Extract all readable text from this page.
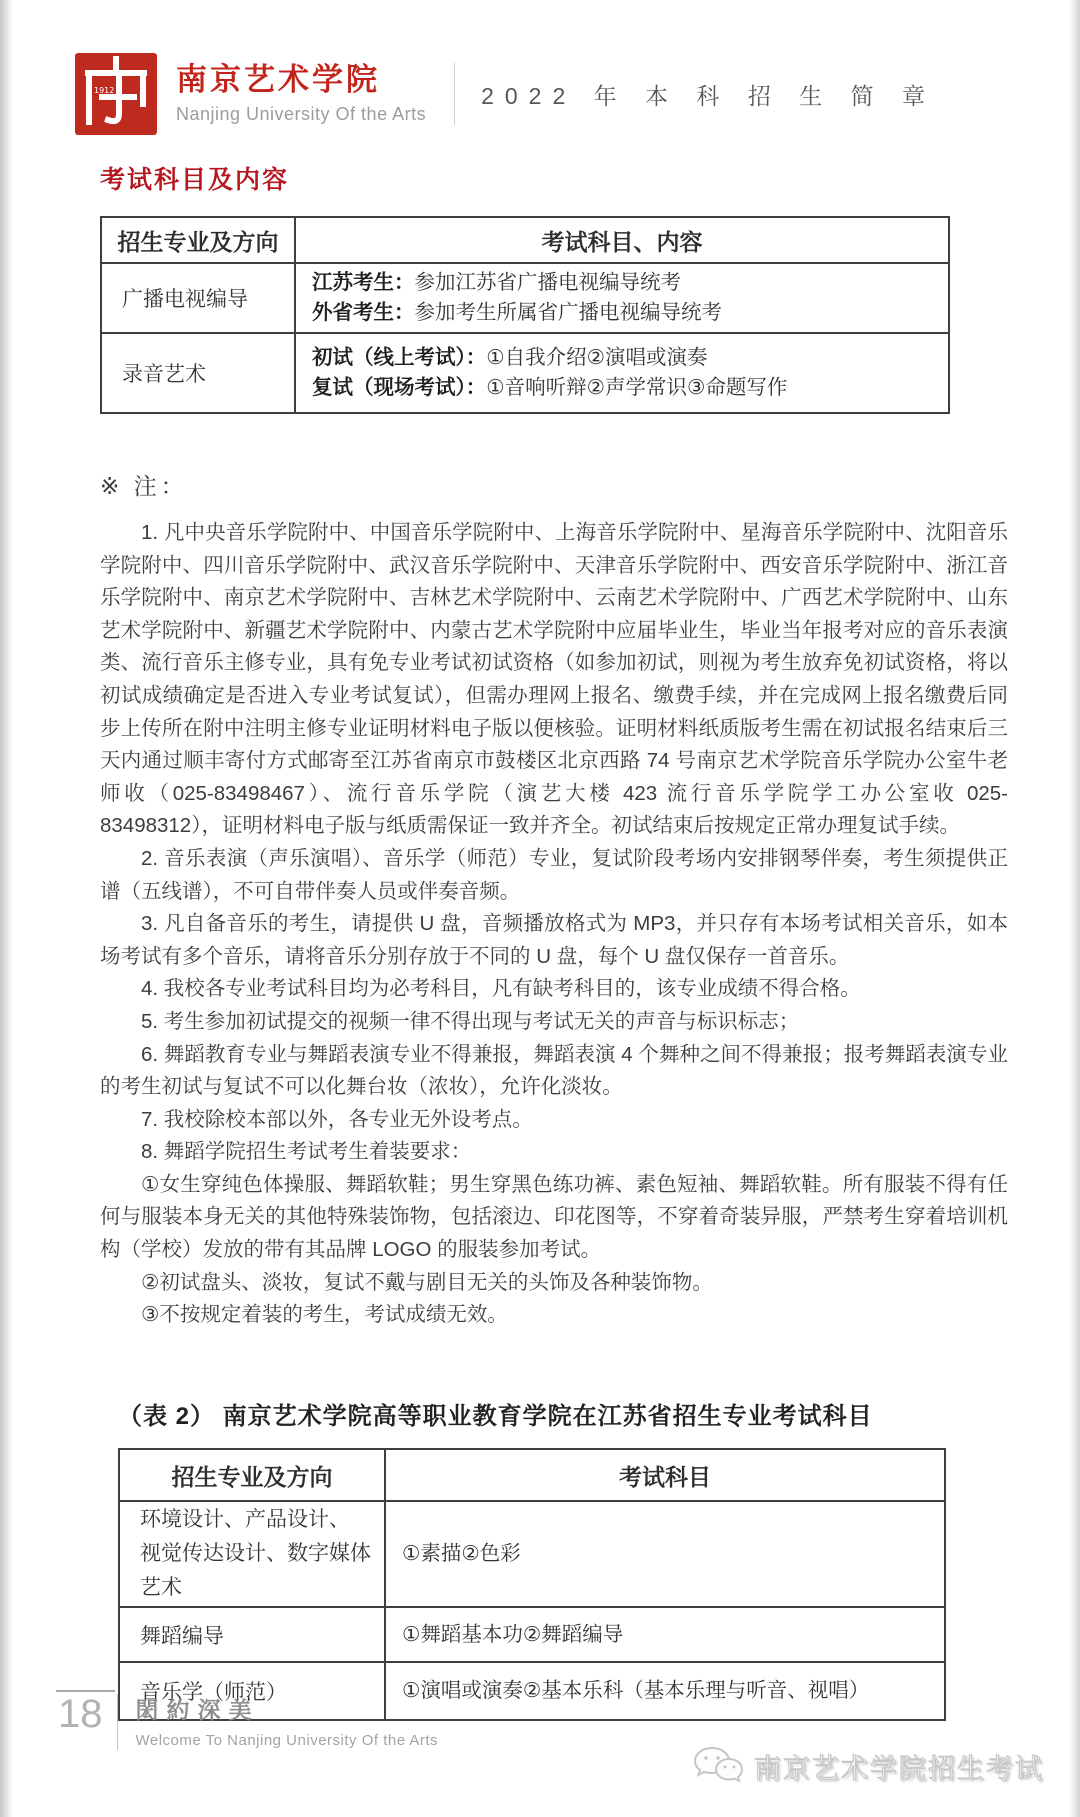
1912 南京艺术学院
Nanjing University Of the Arts
2022 年 本 科 招 生 简 章
考试科目及内容
招生专业及方向	考试科目、内容
广播电视编导	江苏考生：参加江苏省广播电视编导统考
外省考生：参加考生所属省广播电视编导统考

录音艺术	初试（线上考试）：①自我介绍②演唱或演奏
复试（现场考试）：①音响听辩②声学常识③命题写作
※ 注：

1. 凡中央音乐学院附中、中国音乐学院附中、上海音乐学院附中、星海音乐学院附中、沈阳音乐学院附中、四川音乐学院附中、武汉音乐学院附中、天津音乐学院附中、西安音乐学院附中、浙江音乐学院附中、南京艺术学院附中、吉林艺术学院附中、云南艺术学院附中、广西艺术学院附中、山东艺术学院附中、新疆艺术学院附中、内蒙古艺术学院附中应届毕业生，毕业当年报考对应的音乐表演类、流行音乐主修专业，具有免专业考试初试资格（如参加初试，则视为考生放弃免初试资格，将以初试成绩确定是否进入专业考试复试），但需办理网上报名、缴费手续，并在完成网上报名缴费后同步上传所在附中注明主修专业证明材料电子版以便核验。证明材料纸质版考生需在初试报名结束后三天内通过顺丰寄付方式邮寄至江苏省南京市鼓楼区北京西路 74 号南京艺术学院音乐学院办公室牛老师收（025-83498467）、流行音乐学院（演艺大楼 423 流行音乐学院学工办公室收 025-83498312），证明材料电子版与纸质需保证一致并齐全。初试结束后按规定正常办理复试手续。

2. 音乐表演（声乐演唱）、音乐学（师范）专业，复试阶段考场内安排钢琴伴奏，考生须提供正谱（五线谱），不可自带伴奏人员或伴奏音频。

3. 凡自备音乐的考生，请提供 U 盘，音频播放格式为 MP3，并只存有本场考试相关音乐，如本场考试有多个音乐，请将音乐分别存放于不同的 U 盘，每个 U 盘仅保存一首音乐。

4. 我校各专业考试科目均为必考科目，凡有缺考科目的，该专业成绩不得合格。

5. 考生参加初试提交的视频一律不得出现与考试无关的声音与标识标志；

6. 舞蹈教育专业与舞蹈表演专业不得兼报，舞蹈表演 4 个舞种之间不得兼报；报考舞蹈表演专业的考生初试与复试不可以化舞台妆（浓妆），允许化淡妆。

7. 我校除校本部以外，各专业无外设考点。

8. 舞蹈学院招生考试考生着装要求：

①女生穿纯色体操服、舞蹈软鞋；男生穿黑色练功裤、素色短袖、舞蹈软鞋。所有服装不得有任何与服装本身无关的其他特殊装饰物，包括滚边、印花图等，不穿着奇装异服，严禁考生穿着培训机构（学校）发放的带有其品牌 LOGO 的服装参加考试。

②初试盘头、淡妆，复试不戴与剧目无关的头饰及各种装饰物。

③不按规定着装的考生，考试成绩无效。

（表 2） 南京艺术学院高等职业教育学院在江苏省招生专业考试科目
招生专业及方向	考试科目

环境设计、产品设计、
视觉传达设计、数字媒体艺术	①素描②色彩

舞蹈编导	①舞蹈基本功②舞蹈编导

音乐学（师范）	①演唱或演奏②基本乐科（基本乐理与听音、视唱）
18	閎約深美
Welcome To Nanjing University Of the Arts
南京艺术学院招生考试
